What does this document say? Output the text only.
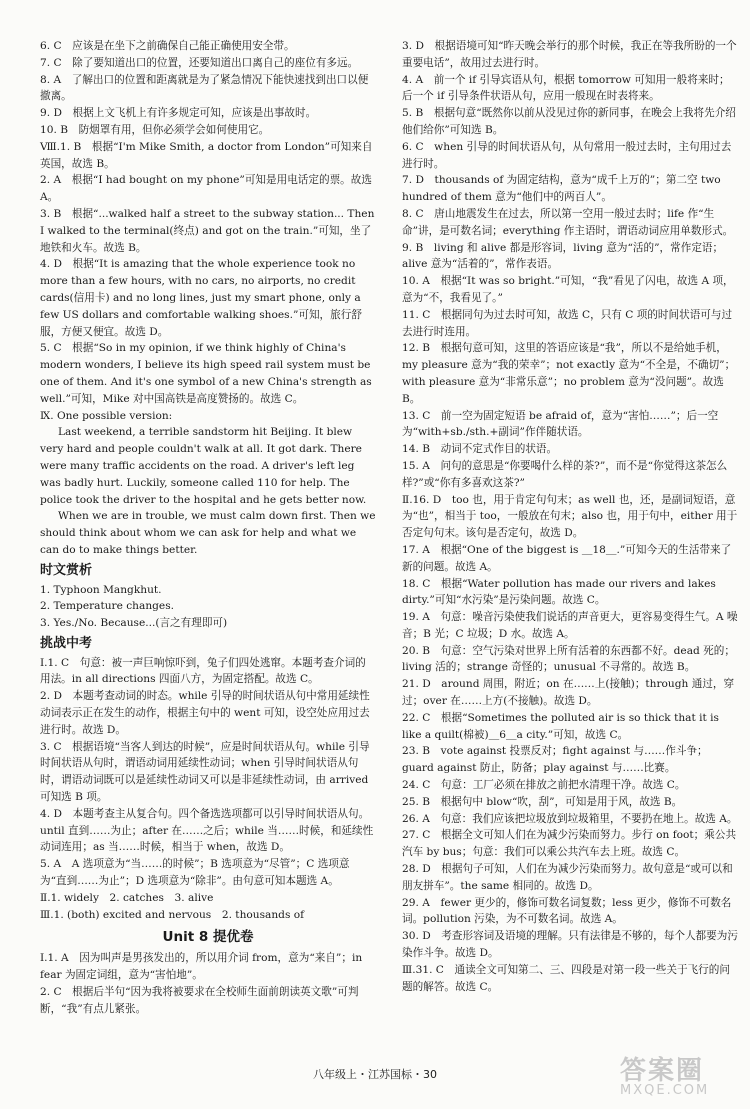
6. C　应该是在坐下之前确保自己能正确使用安全带。
7. C　除了要知道出口的位置，还要知道出口离自己的座位有多远。
8. A　了解出口的位置和距离就是为了紧急情况下能快速找到出口以便撤离。
9. D　根据上文飞机上有许多规定可知，应该是出事故时。
10. B　防烟罩有用，但你必须学会如何使用它。
Ⅷ.1. B　根据“I'm Mike Smith, a doctor from London”可知来自英国，故选 B。
2. A　根据“I had bought on my phone”可知是用电话定的票。故选 A。
3. B　根据“...walked half a street to the subway station... Then I walked to the terminal(终点) and got on the train.”可知，坐了地铁和火车。故选 B。
4. D　根据“It is amazing that the whole experience took no more than a few hours, with no cars, no airports, no credit cards(信用卡) and no long lines, just my smart phone, only a few US dollars and comfortable walking shoes.”可知，旅行舒服，方便又便宜。故选 D。
5. C　根据“So in my opinion, if we think highly of China's modern wonders, I believe its high speed rail system must be one of them. And it's one symbol of a new China's strength as well.”可知，Mike 对中国高铁是高度赞扬的。故选 C。
Ⅸ. One possible version:
Last weekend, a terrible sandstorm hit Beijing. It blew very hard and people couldn't walk at all. It got dark. There were many traffic accidents on the road. A driver's left leg was badly hurt. Luckily, someone called 110 for help. The police took the driver to the hospital and he gets better now.
When we are in trouble, we must calm down first. Then we should think about whom we can ask for help and what we can do to make things better.
时文赏析
1. Typhoon Mangkhut.
2. Temperature changes.
3. Yes./No. Because...(言之有理即可)
挑战中考
Ⅰ.1. C　句意：被一声巨响惊吓到，兔子们四处逃窜。本题考查介词的用法。in all directions 四面八方，为固定搭配。故选 C。
2. D　本题考查动词的时态。while 引导的时间状语从句中常用延续性动词表示正在发生的动作，根据主句中的 went 可知，设空处应用过去进行时。故选 D。
3. C　根据语境“当客人到达的时候”，应是时间状语从句。while 引导时间状语从句时，谓语动词用延续性动词；when 引导时间状语从句时，谓语动词既可以是延续性动词又可以是非延续性动词，由 arrived 可知选 B 项。
4. D　本题考查主从复合句。四个备选选项都可以引导时间状语从句。until 直到……为止；after 在……之后；while 当……时候，和延续性动词连用；as 当……时候，相当于 when，故选 D。
5. A　A 选项意为“当……的时候”；B 选项意为“尽管”；C 选项意为“直到……为止”；D 选项意为“除非”。由句意可知本题选 A。
Ⅱ.1. widely　2. catches　3. alive
Ⅲ.1. (both) excited and nervous　2. thousands of
Unit 8 提优卷
Ⅰ.1. A　因为叫声是男孩发出的，所以用介词 from，意为“来自”；in fear 为固定词组，意为“害怕地”。
2. C　根据后半句“因为我将被要求在全校师生面前朗读英文歌”可判断，“我”有点儿紧张。
3. D　根据语境可知“昨天晚会举行的那个时候，我正在等我所盼的一个重要电话”，故用过去进行时。
4. A　前一个 if 引导宾语从句，根据 tomorrow 可知用一般将来时；后一个 if 引导条件状语从句，应用一般现在时表将来。
5. B　根据句意“既然你以前从没见过你的新同事，在晚会上我将先介绍他们给你”可知选 B。
6. C　when 引导的时间状语从句，从句常用一般过去时，主句用过去进行时。
7. D　thousands of 为固定结构，意为“成千上万的”；第二空 two hundred of them 意为“他们中的两百人”。
8. C　唐山地震发生在过去，所以第一空用一般过去时；life 作“生命”讲，是可数名词；everything 作主语时，谓语动词应用单数形式。
9. B　living 和 alive 都是形容词，living 意为“活的”，常作定语；alive 意为“活着的”，常作表语。
10. A　根据“It was so bright.”可知，“我”看见了闪电，故选 A 项，意为“不，我看见了。”
11. C　根据同句为过去时可知，故选 C，只有 C 项的时间状语可与过去进行时连用。
12. B　根据句意可知，这里的答语应该是“我”，所以不是给她手机，my pleasure 意为“我的荣幸”；not exactly 意为“不全是，不确切”；with pleasure 意为“非常乐意”；no problem 意为“没问题”。故选 B。
13. C　前一空为固定短语 be afraid of，意为“害怕……”；后一空为“with+sb./sth.+副词”作伴随状语。
14. B　动词不定式作目的状语。
15. A　问句的意思是“你要喝什么样的茶?”，而不是“你觉得这茶怎么样?”或“你有多喜欢这茶?”
Ⅱ.16. D　too 也，用于肯定句句末；as well 也，还，是副词短语，意为“也”，相当于 too，一般放在句末；also 也，用于句中，either 用于否定句句末。该句是否定句，故选 D。
17. A　根据“One of the biggest is ＿18＿.”可知今天的生活带来了新的问题。故选 A。
18. C　根据“Water pollution has made our rivers and lakes dirty.”可知“水污染”是污染问题。故选 C。
19. A　句意：噪音污染使我们说话的声音更大，更容易变得生气。A 噪音；B 光；C 垃圾；D 水。故选 A。
20. B　句意：空气污染对世界上所有活着的东西都不好。dead 死的；living 活的；strange 奇怪的；unusual 不寻常的。故选 B。
21. D　around 周围，附近；on 在……上(接触)；through 通过，穿过；over 在……上方(不接触)。故选 D。
22. C　根据“Sometimes the polluted air is so thick that it is like a quilt(棉被)＿6＿a city.”可知，故选 C。
23. B　vote against 投票反对；fight against 与……作斗争；guard against 防止，防备；play against 与……比赛。
24. C　句意：工厂必须在排放之前把水清理干净。故选 C。
25. B　根据句中 blow“吹，刮”，可知是用于风，故选 B。
26. A　句意：我们应该把垃圾放到垃圾箱里，不要扔在地上。故选 A。
27. C　根据全文可知人们在为减少污染而努力。步行 on foot；乘公共汽车 by bus；句意：我们可以乘公共汽车去上班。故选 C。
28. D　根据句子可知，人们在为减少污染而努力。故句意是“或可以和朋友拼车”。the same 相同的。故选 D。
29. A　fewer 更少的，修饰可数名词复数；less 更少，修饰不可数名词。pollution 污染，为不可数名词。故选 A。
30. D　考查形容词及语境的理解。只有法律是不够的，每个人都要为污染作斗争。故选 D。
Ⅲ.31. C　通读全文可知第二、三、四段是对第一段一些关于飞行的问题的解答。故选 C。
八年级上・江苏国标・30	答案圈
MXQE.COM
